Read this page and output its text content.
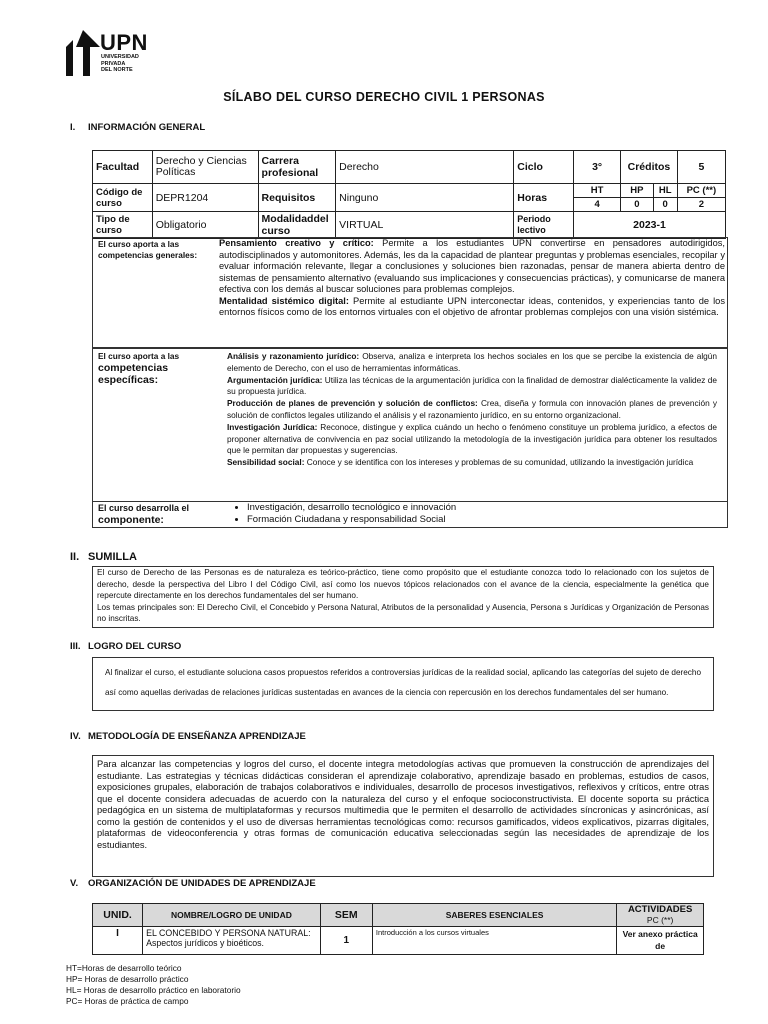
UPN
UNIVERSIDAD
PRIVADA
DEL NORTE
SÍLABO DEL CURSO DERECHO CIVIL 1 PERSONAS
I. INFORMACIÓN GENERAL
Facultad	Derecho y Ciencias Políticas	Carrera profesional	Derecho	Ciclo	3°	Créditos		5
Código de curso	DEPR1204	Requisitos	Ninguno	Horas	HT	HP	HL	PC (**)
					4	0	0	2
Tipo de curso	Obligatorio	Modalidaddel curso	VIRTUAL	Periodo lectivo	2023-1			
El curso aporta a las competencias generales:
Pensamiento creativo y crítico: Permite a los estudiantes UPN convertirse en pensadores autodirigidos, autodisciplinados y automonitores. Además, les da la capacidad de plantear preguntas y problemas esenciales, recopilar y evaluar información relevante, llegar a conclusiones y soluciones bien razonadas, pensar de manera abierta dentro de sistemas de pensamiento alternativo (evaluando sus implicaciones y consecuencias prácticas), y comunicarse de manera efectiva con los demás al buscar soluciones para problemas complejos.
Mentalidad sistémico digital: Permite al estudiante UPN interconectar ideas, contenidos, y experiencias tanto de los entornos físicos como de los entornos virtuales con el objetivo de afrontar problemas complejos con una visión sistémica.
El curso aporta a las
competencias específicas:

Análisis y razonamiento jurídico: Observa, analiza e interpreta los hechos sociales en los que se percibe la existencia de algún elemento de Derecho, con el uso de herramientas informáticas.

Argumentación jurídica: Utiliza las técnicas de la argumentación jurídica con la finalidad de demostrar dialécticamente la validez de su propuesta jurídica.

Producción de planes de prevención y solución de conflictos: Crea, diseña y formula con innovación planes de prevención y solución de conflictos legales utilizando el análisis y el razonamiento jurídico, en su entorno organizacional.

Investigación Jurídica: Reconoce, distingue y explica cuándo un hecho o fenómeno constituye un problema jurídico, a efectos de proponer alternativa de convivencia en paz social utilizando la metodología de la investigación jurídica para obtener los resultados que le permitan dar propuestas y sugerencias.

Sensibilidad social: Conoce y se identifica con los intereses y problemas de su comunidad, utilizando la investigación jurídica

El curso desarrolla el
componente:
• Investigación, desarrollo tecnológico e innovación
• Formación Ciudadana y responsabilidad Social
II. SUMILLA
El curso de Derecho de las Personas es de naturaleza es teórico-práctico, tiene como propósito que el estudiante conozca todo lo relacionado con los sujetos de derecho, desde la perspectiva del Libro I del Código Civil, así como los nuevos tópicos relacionados con el avance de la ciencia, especialmente la genética que repercute directamente en los derechos fundamentales del ser humano.
Los temas principales son: El Derecho Civil, el Concebido y Persona Natural, Atributos de la personalidad y Ausencia, Persona s Jurídicas y Organización de Personas no inscritas.
III. LOGRO DEL CURSO
Al finalizar el curso, el estudiante soluciona casos propuestos referidos a controversias jurídicas de la realidad social, aplicando las categorías del sujeto de derecho así como aquellas derivadas de relaciones jurídicas sustentadas en avances de la ciencia con repercusión en los derechos fundamentales del ser humano.
IV. METODOLOGÍA DE ENSEÑANZA APRENDIZAJE
Para alcanzar las competencias y logros del curso, el docente integra metodologías activas que promueven la construcción de aprendizajes del estudiante. Las estrategias y técnicas didácticas consideran el aprendizaje colaborativo, aprendizaje basado en problemas, estudios de casos, exposiciones grupales, elaboración de trabajos colaborativos e individuales, desarrollo de procesos investigativos, reflexivos y críticos, entre otras que el docente considera adecuadas de acuerdo con la naturaleza del curso y el enfoque socioconstructivista. El docente soporta su práctica pedagógica en un sistema de multiplataformas y recursos multimedia que le permiten el desarrollo de actividades síncronicas y asincrónicas, así como la gestión de contenidos y el uso de diversas herramientas tecnológicas como: recursos gamificados, videos explicativos, pizarras digitales, plataformas de videoconferencia y otras formas de comunicación educativa seleccionadas según las necesidades de aprendizaje de los estudiantes.
V. ORGANIZACIÓN DE UNIDADES DE APRENDIZAJE
UNID.	NOMBRE/LOGRO DE UNIDAD	SEM	SABERES ESENCIALES	ACTIVIDADES
PC (**)

I	EL CONCEBIDO Y PERSONA NATURAL: Aspectos jurídicos y bioéticos.	1	Introducción a los cursos virtuales	Ver anexo práctica de
HT=Horas de desarrollo teórico
HP= Horas de desarrollo práctico
HL= Horas de desarrollo práctico en laboratorio
PC= Horas de práctica de campo
